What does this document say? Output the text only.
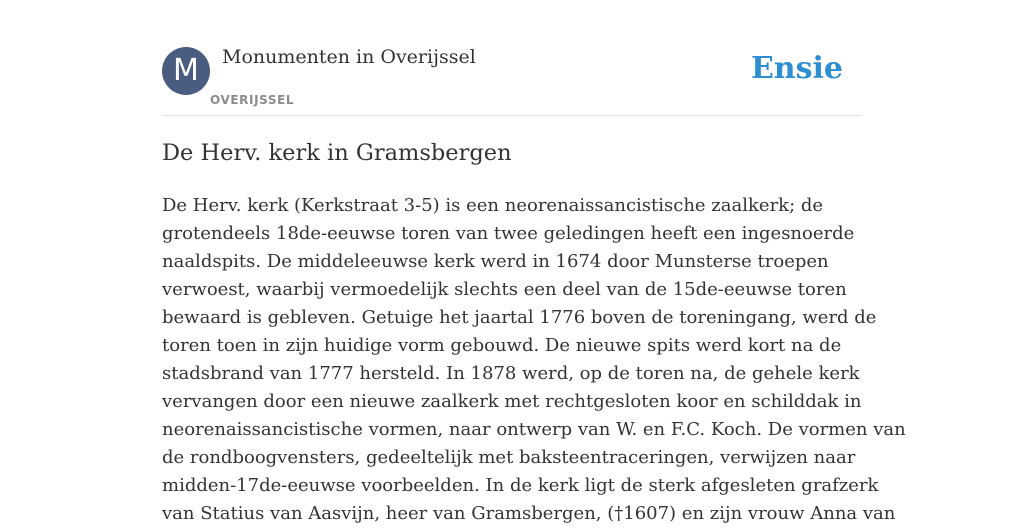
M	Monumenten in Overijssel
OVERIJSSEL
Ensie
De Herv. kerk in Gramsbergen
De Herv. kerk (Kerkstraat 3-5) is een neorenaissancistische zaalkerk; de
grotendeels 18de-eeuwse toren van twee geledingen heeft een ingesnoerde
naaldspits. De middeleeuwse kerk werd in 1674 door Munsterse troepen
verwoest, waarbij vermoedelijk slechts een deel van de 15de-eeuwse toren
bewaard is gebleven. Getuige het jaartal 1776 boven de toreningang, werd de
toren toen in zijn huidige vorm gebouwd. De nieuwe spits werd kort na de
stadsbrand van 1777 hersteld. In 1878 werd, op de toren na, de gehele kerk
vervangen door een nieuwe zaalkerk met rechtgesloten koor en schilddak in
neorenaissancistische vormen, naar ontwerp van W. en F.C. Koch. De vormen van
de rondboogvensters, gedeeltelijk met baksteentraceringen, verwijzen naar
midden-17de-eeuwse voorbeelden. In de kerk ligt de sterk afgesleten grafzerk
van Statius van Aasvijn, heer van Gramsbergen, (†1607) en zijn vrouw Anna van
